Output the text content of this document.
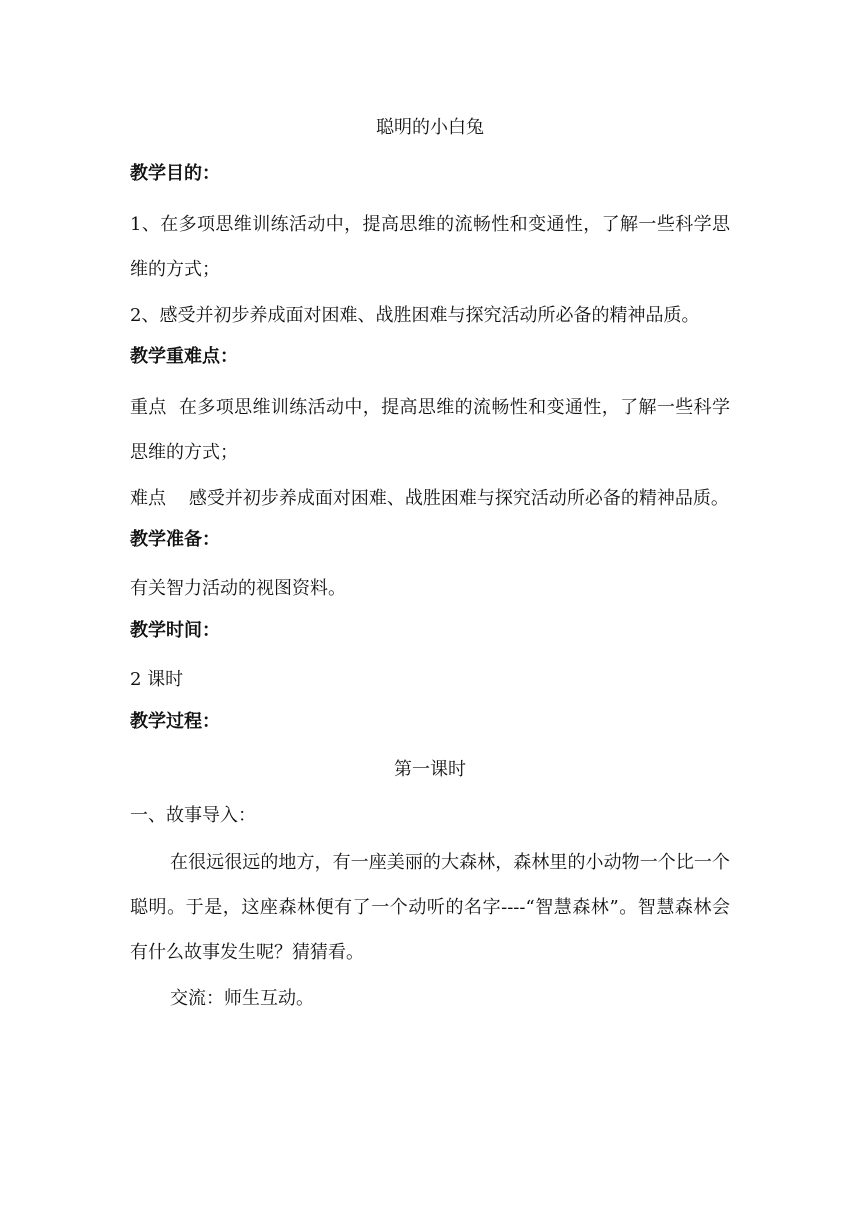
聪明的小白兔
教学目的：
1、在多项思维训练活动中，提高思维的流畅性和变通性，了解一些科学思维的方式；
2、感受并初步养成面对困难、战胜困难与探究活动所必备的精神品质。
教学重难点：
重点  在多项思维训练活动中，提高思维的流畅性和变通性，了解一些科学思维的方式；
难点    感受并初步养成面对困难、战胜困难与探究活动所必备的精神品质。
教学准备：
有关智力活动的视图资料。
教学时间：
2 课时
教学过程：
第一课时
一、故事导入：
在很远很远的地方，有一座美丽的大森林，森林里的小动物一个比一个聪明。于是，这座森林便有了一个动听的名字----“智慧森林”。智慧森林会有什么故事发生呢？猜猜看。
交流：师生互动。
